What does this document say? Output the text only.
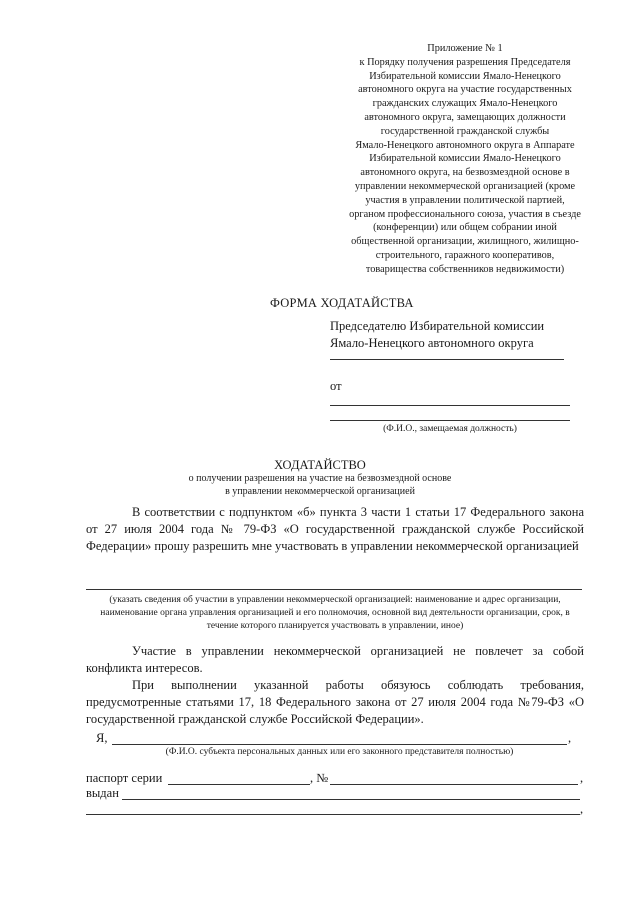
Приложение № 1
к Порядку получения разрешения Председателя
Избирательной комиссии Ямало-Ненецкого
автономного округа на участие государственных
гражданских служащих Ямало-Ненецкого
автономного округа, замещающих должности
государственной гражданской службы
Ямало-Ненецкого автономного округа в Аппарате
Избирательной комиссии Ямало-Ненецкого
автономного округа, на безвозмездной основе в
управлении некоммерческой организацией (кроме
участия в управлении политической партией,
органом профессионального союза, участия в съезде
(конференции) или общем собрании иной
общественной организации, жилищного, жилищно-
строительного, гаражного кооперативов,
товарищества собственников недвижимости)
ФОРМА ХОДАТАЙСТВА
Председателю Избирательной комиссии
Ямало-Ненецкого автономного округа
от
(Ф.И.О., замещаемая должность)
ХОДАТАЙСТВО
о получении разрешения на участие на безвозмездной основе
в управлении некоммерческой организацией
В соответствии с подпунктом «б» пункта 3 части 1 статьи 17 Федерального закона от 27 июля 2004 года № 79-ФЗ «О государственной гражданской службе Российской Федерации» прошу разрешить мне участвовать в управлении некоммерческой организацией
(указать сведения об участии в управлении некоммерческой организацией: наименование и адрес организации, наименование органа управления организацией и его полномочия, основной вид деятельности организации, срок, в течение которого планируется участвовать в управлении, иное)
Участие в управлении некоммерческой организацией не повлечет за собой конфликта интересов.
При выполнении указанной работы обязуюсь соблюдать требования, предусмотренные статьями 17, 18 Федерального закона от 27 июля 2004 года №79-ФЗ «О государственной гражданской службе Российской Федерации».
Я,	,
(Ф.И.О. субъекта персональных данных или его законного представителя полностью)
паспорт серии	, №	,
выдан
,
